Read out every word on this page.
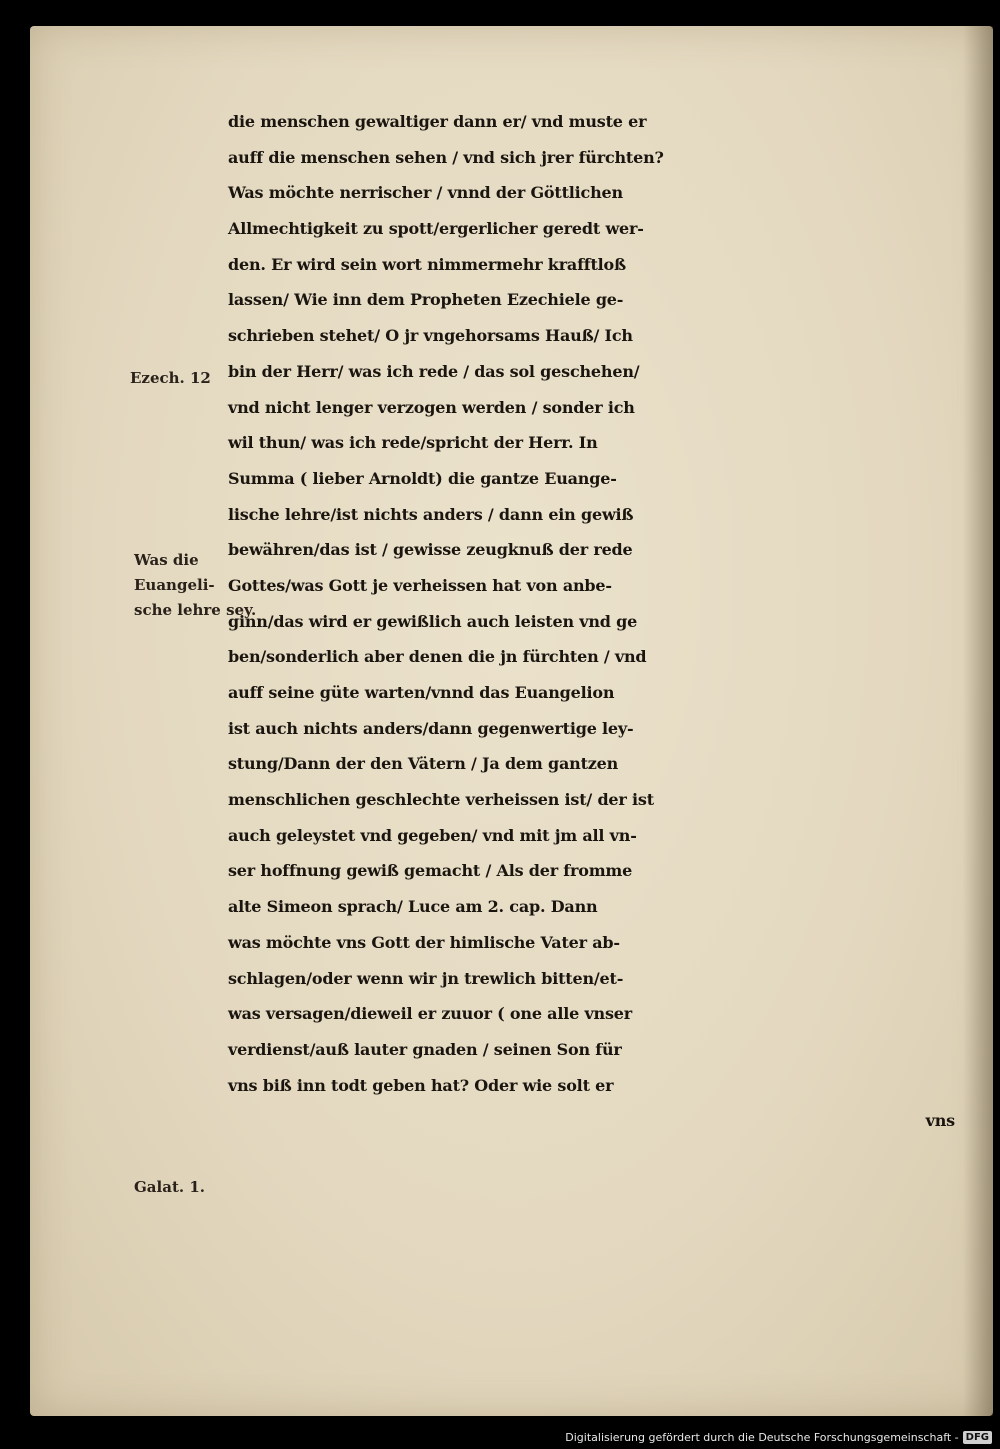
Ezech. 12
Was die
Euangeli-
sche lehre sey.
Galat. 1.
die menschen gewaltiger dann er/ vnd muste er
auff die menschen sehen / vnd sich jrer fürchten?
Was möchte nerrischer / vnnd der Göttlichen
Allmechtigkeit zu spott/ergerlicher geredt wer-
den. Er wird sein wort nimmermehr krafftloß
lassen/ Wie inn dem Propheten Ezechiele ge-
schrieben stehet/ O jr vngehorsams Hauß/ Ich
bin der Herr/ was ich rede / das sol geschehen/
vnd nicht lenger verzogen werden / sonder ich
wil thun/ was ich rede/spricht der Herr. In
Summa ( lieber Arnoldt) die gantze Euange-
lische lehre/ist nichts anders / dann ein gewiß
bewähren/das ist / gewisse zeugknuß der rede
Gottes/was Gott je verheissen hat von anbe-
ginn/das wird er gewißlich auch leisten vnd ge
ben/sonderlich aber denen die jn fürchten / vnd
auff seine güte warten/vnnd das Euangelion
ist auch nichts anders/dann gegenwertige ley-
stung/Dann der den Vätern / Ja dem gantzen
menschlichen geschlechte verheissen ist/ der ist
auch geleystet vnd gegeben/ vnd mit jm all vn-
ser hoffnung gewiß gemacht / Als der fromme
alte Simeon sprach/ Luce am 2. cap. Dann
was möchte vns Gott der himlische Vater ab-
schlagen/oder wenn wir jn trewlich bitten/et-
was versagen/dieweil er zuuor ( one alle vnser
verdienst/auß lauter gnaden / seinen Son für
vns biß inn todt geben hat? Oder wie solt er
vns
Digitalisierung gefördert durch die Deutsche Forschungsgemeinschaft - DFG
